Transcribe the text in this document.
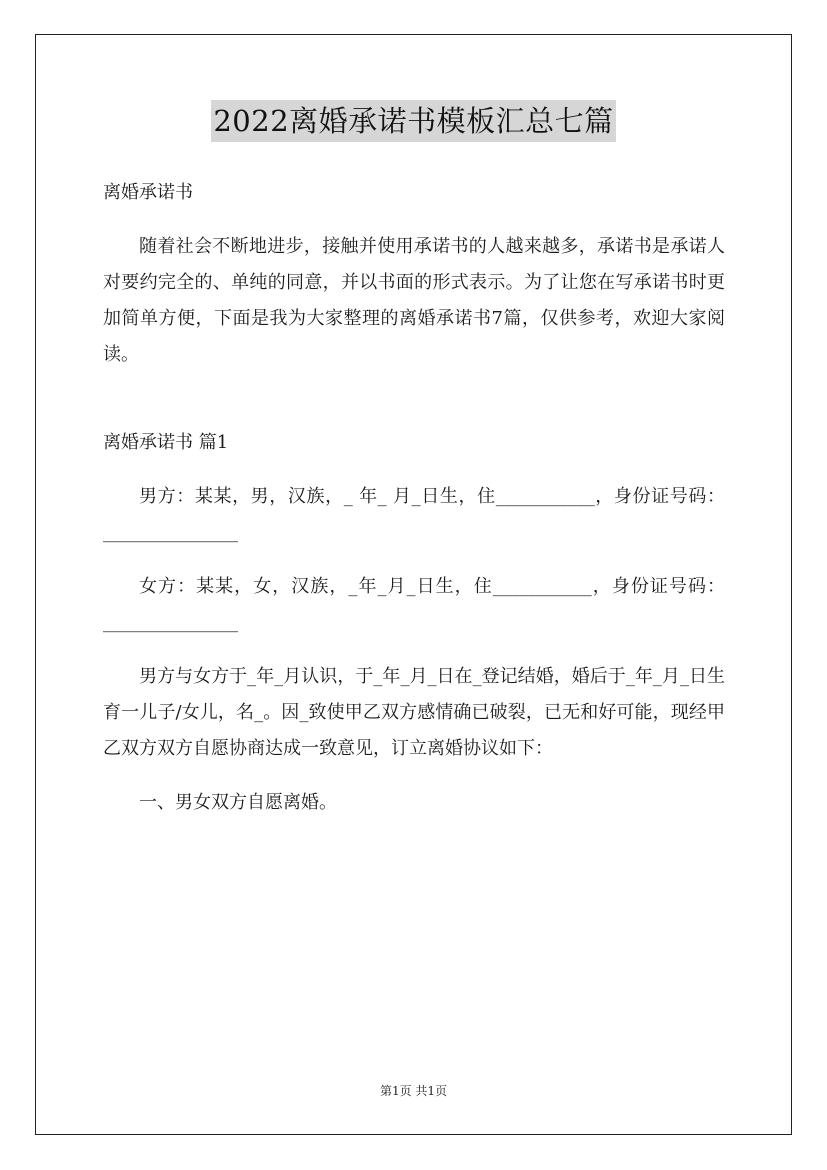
2022离婚承诺书模板汇总七篇

离婚承诺书

随着社会不断地进步，接触并使用承诺书的人越来越多，承诺书是承诺人对要约完全的、单纯的同意，并以书面的形式表示。为了让您在写承诺书时更加简单方便，下面是我为大家整理的离婚承诺书7篇，仅供参考，欢迎大家阅读。

离婚承诺书 篇1

男方：某某，男，汉族，_ 年_ 月_日生，住___________，身份证号码：_______________

女方：某某，女，汉族，_年_月_日生，住___________，身份证号码：_______________

男方与女方于_年_月认识，于_年_月_日在_登记结婚，婚后于_年_月_日生育一儿子/女儿，名_。因_致使甲乙双方感情确已破裂，已无和好可能，现经甲乙双方双方自愿协商达成一致意见，订立离婚协议如下：

一、男女双方自愿离婚。

第1页 共1页
